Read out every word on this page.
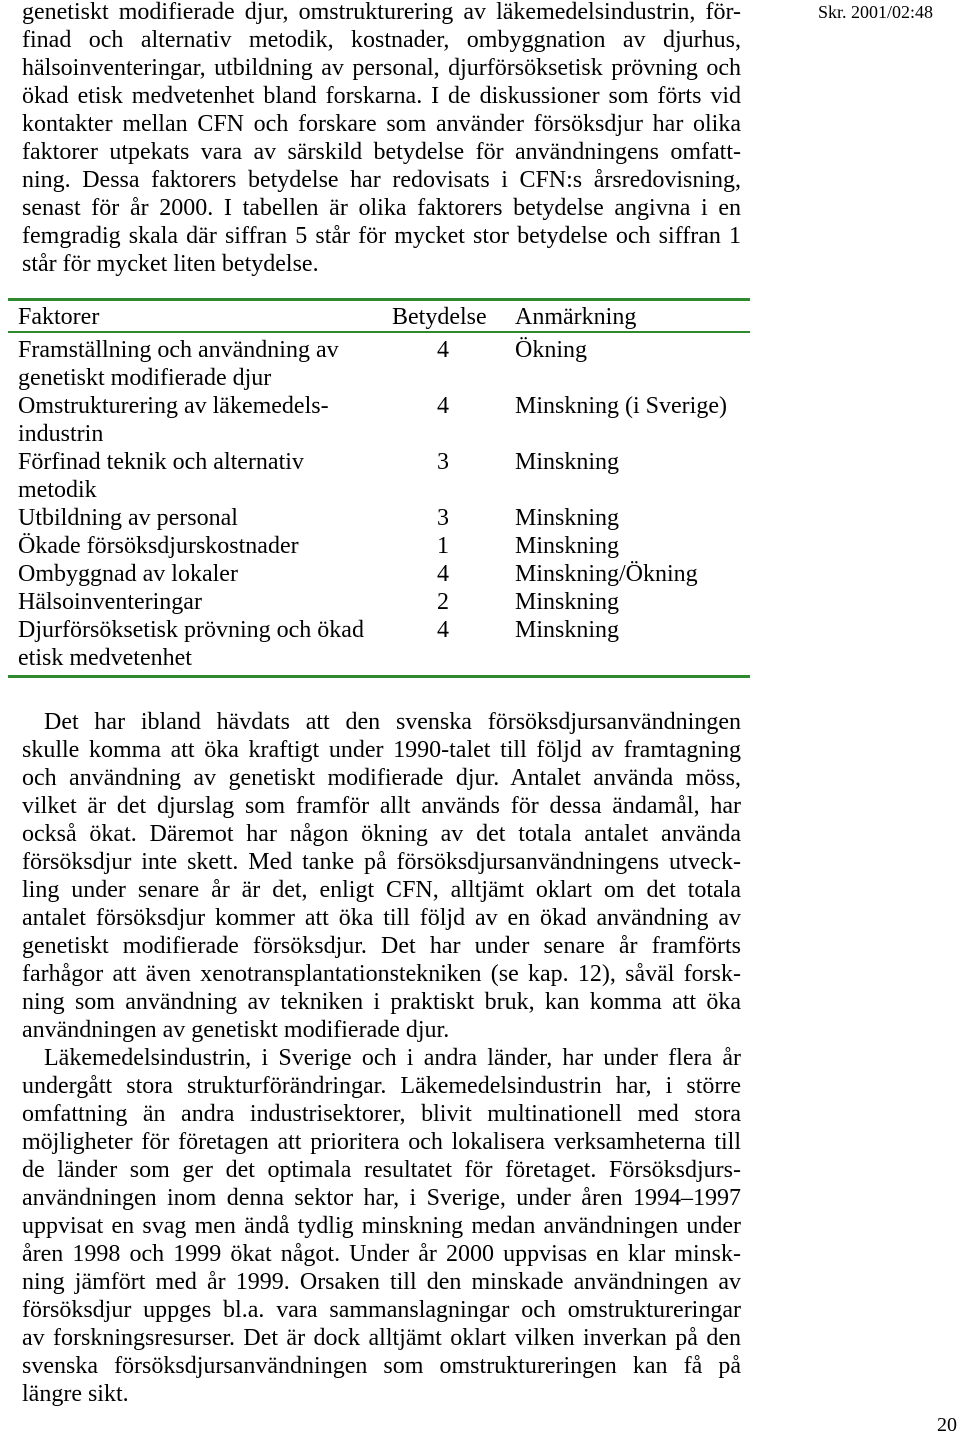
Skr. 2001/02:48
genetiskt modifierade djur, omstrukturering av läkemedelsindustrin, för-
finad och alternativ metodik, kostnader, ombyggnation av djurhus,
hälsoinventeringar, utbildning av personal, djurförsöksetisk prövning och
ökad etisk medvetenhet bland forskarna. I de diskussioner som förts vid
kontakter mellan CFN och forskare som använder försöksdjur har olika
faktorer utpekats vara av särskild betydelse för användningens omfatt-
ning. Dessa faktorers betydelse har redovisats i CFN:s årsredovisning,
senast för år 2000. I tabellen är olika faktorers betydelse angivna i en
femgradig skala där siffran 5 står för mycket stor betydelse och siffran 1
står för mycket liten betydelse.
Faktorer	Betydelse	Anmärkning
Framställning och användning av
genetiskt modifierade djur
4	Ökning
Omstrukturering av läkemedels-
industrin
4	Minskning (i Sverige)
Förfinad teknik och alternativ
metodik
3	Minskning
Utbildning av personal	3	Minskning
Ökade försöksdjurskostnader	1	Minskning
Ombyggnad av lokaler	4	Minskning/Ökning
Hälsoinventeringar	2	Minskning
Djurförsöksetisk prövning och ökad
etisk medvetenhet
4	Minskning
Det har ibland hävdats att den svenska försöksdjursanvändningen
skulle komma att öka kraftigt under 1990-talet till följd av framtagning
och användning av genetiskt modifierade djur. Antalet använda möss,
vilket är det djurslag som framför allt används för dessa ändamål, har
också ökat. Däremot har någon ökning av det totala antalet använda
försöksdjur inte skett. Med tanke på försöksdjursanvändningens utveck-
ling under senare år är det, enligt CFN, alltjämt oklart om det totala
antalet försöksdjur kommer att öka till följd av en ökad användning av
genetiskt modifierade försöksdjur. Det har under senare år framförts
farhågor att även xenotransplantationstekniken (se kap. 12), såväl forsk-
ning som användning av tekniken i praktiskt bruk, kan komma att öka
användningen av genetiskt modifierade djur.
Läkemedelsindustrin, i Sverige och i andra länder, har under flera år
undergått stora strukturförändringar. Läkemedelsindustrin har, i större
omfattning än andra industrisektorer, blivit multinationell med stora
möjligheter för företagen att prioritera och lokalisera verksamheterna till
de länder som ger det optimala resultatet för företaget. Försöksdjurs-
användningen inom denna sektor har, i Sverige, under åren 1994–1997
uppvisat en svag men ändå tydlig minskning medan användningen under
åren 1998 och 1999 ökat något. Under år 2000 uppvisas en klar minsk-
ning jämfört med år 1999. Orsaken till den minskade användningen av
försöksdjur uppges bl.a. vara sammanslagningar och omstruktureringar
av forskningsresurser. Det är dock alltjämt oklart vilken inverkan på den
svenska försöksdjursanvändningen som omstruktureringen kan få på
längre sikt.
20
